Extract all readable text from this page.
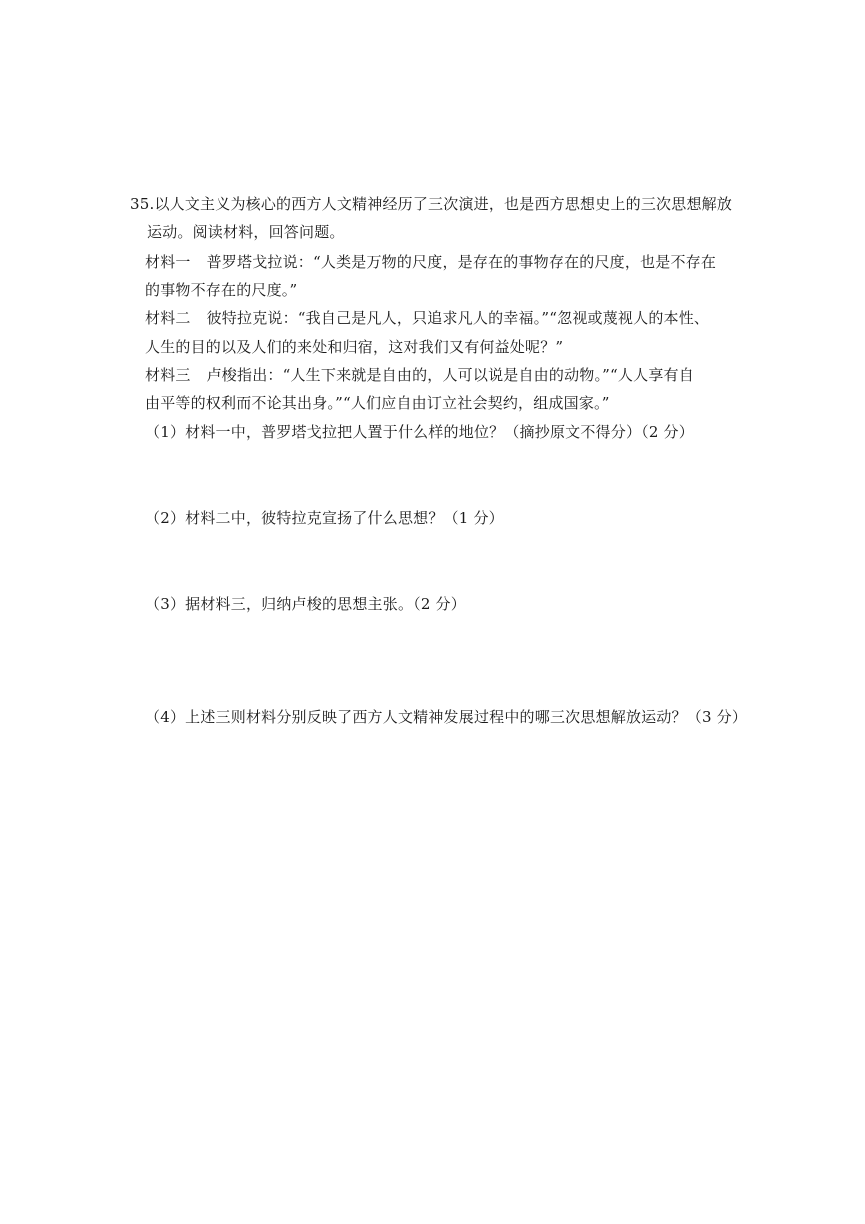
35.以人文主义为核心的西方人文精神经历了三次演进，也是西方思想史上的三次思想解放
运动。阅读材料，回答问题。
材料一 普罗塔戈拉说：“人类是万物的尺度，是存在的事物存在的尺度，也是不存在
的事物不存在的尺度。”
材料二 彼特拉克说：“我自己是凡人，只追求凡人的幸福。”“忽视或蔑视人的本性、
人生的目的以及人们的来处和归宿，这对我们又有何益处呢？”
材料三 卢梭指出：“人生下来就是自由的，人可以说是自由的动物。”“人人享有自
由平等的权利而不论其出身。”“人们应自由订立社会契约，组成国家。”
（1）材料一中，普罗塔戈拉把人置于什么样的地位？（摘抄原文不得分）（2 分）
（2）材料二中，彼特拉克宣扬了什么思想？（1 分）
（3）据材料三，归纳卢梭的思想主张。（2 分）
（4）上述三则材料分别反映了西方人文精神发展过程中的哪三次思想解放运动？（3 分）
